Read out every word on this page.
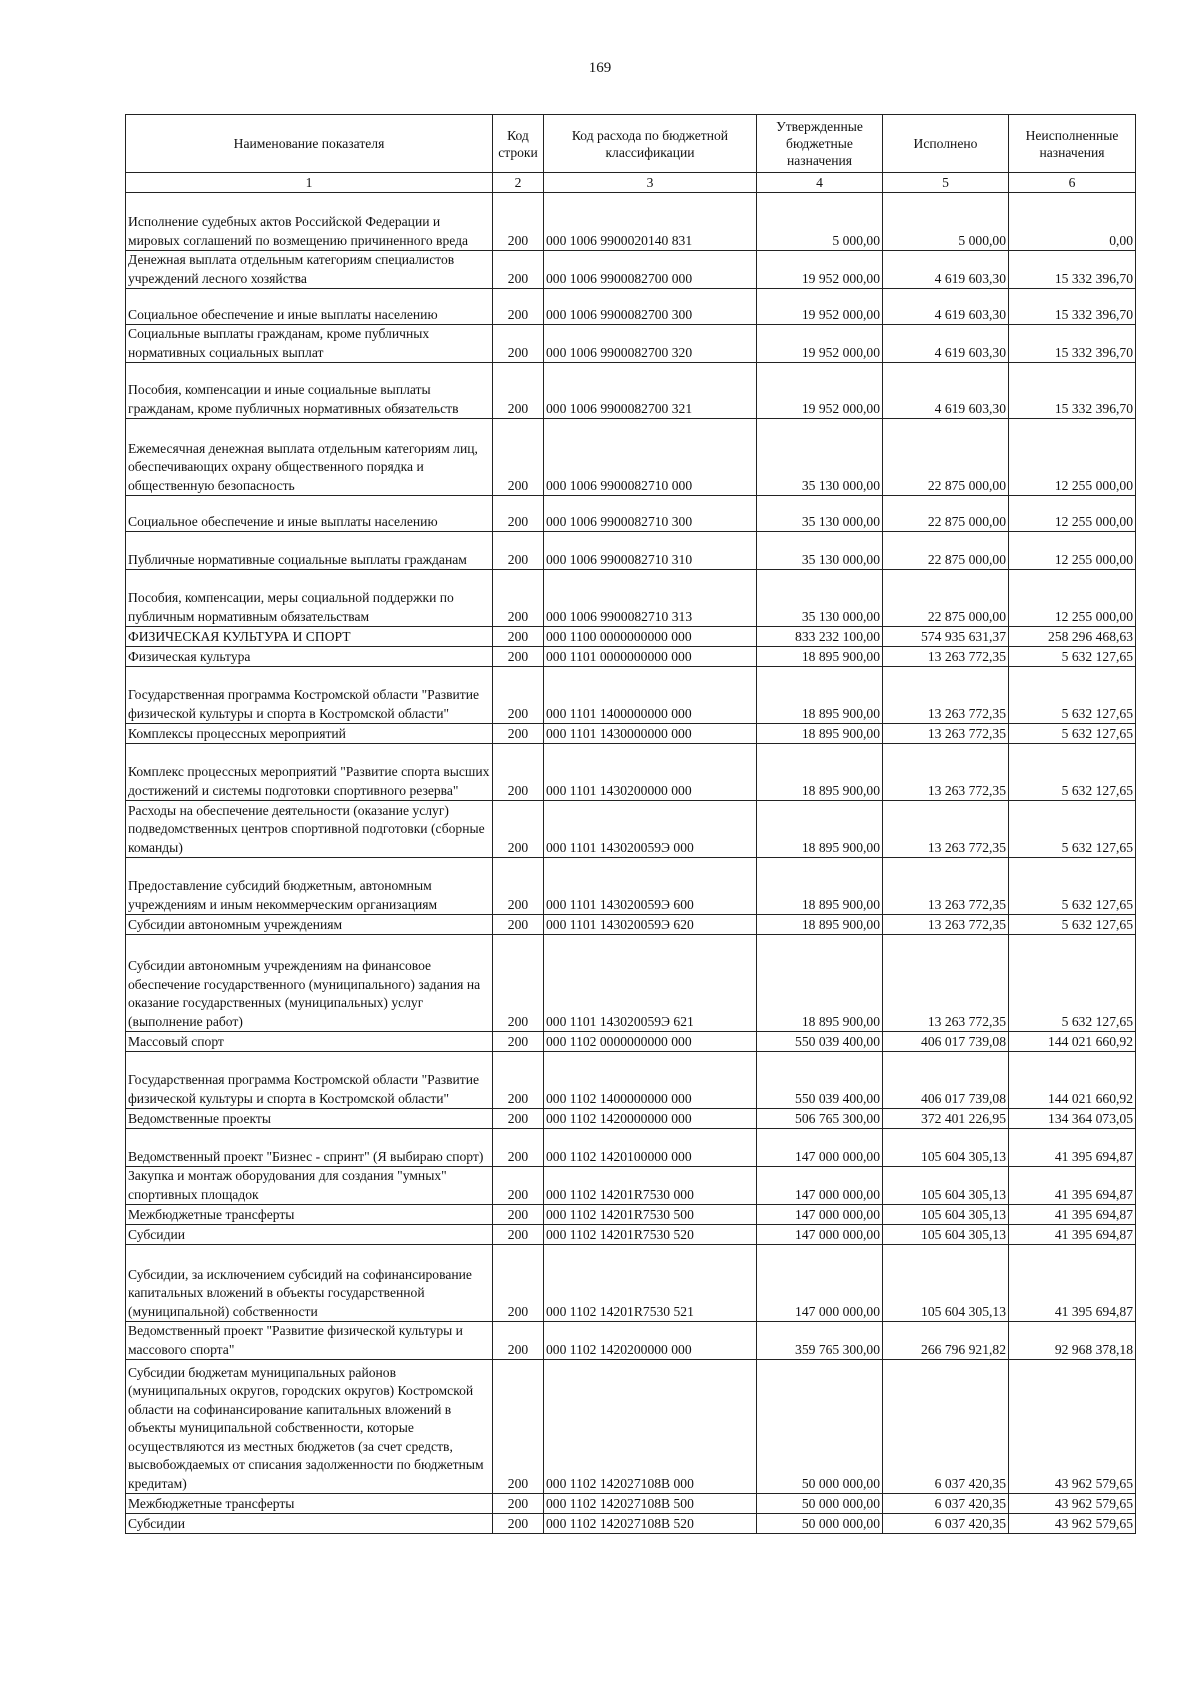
169
Наименование показателя	Код строки	Код расхода по бюджетной классификации	Утвержденные бюджетные назначения	Исполнено	Неисполненные назначения
1	2	3	4	5	6
Исполнение судебных актов Российской Федерации и мировых соглашений по возмещению причиненного вреда	200	000 1006 9900020140 831	5 000,00	5 000,00	0,00
Денежная выплата отдельным категориям специалистов учреждений лесного хозяйства	200	000 1006 9900082700 000	19 952 000,00	4 619 603,30	15 332 396,70
Социальное обеспечение и иные выплаты населению	200	000 1006 9900082700 300	19 952 000,00	4 619 603,30	15 332 396,70
Социальные выплаты гражданам, кроме публичных нормативных социальных выплат	200	000 1006 9900082700 320	19 952 000,00	4 619 603,30	15 332 396,70
Пособия, компенсации и иные социальные выплаты гражданам, кроме публичных нормативных обязательств	200	000 1006 9900082700 321	19 952 000,00	4 619 603,30	15 332 396,70
Ежемесячная денежная выплата отдельным категориям лиц, обеспечивающих охрану общественного порядка и общественную безопасность	200	000 1006 9900082710 000	35 130 000,00	22 875 000,00	12 255 000,00
Социальное обеспечение и иные выплаты населению	200	000 1006 9900082710 300	35 130 000,00	22 875 000,00	12 255 000,00
Публичные нормативные социальные выплаты гражданам	200	000 1006 9900082710 310	35 130 000,00	22 875 000,00	12 255 000,00
Пособия, компенсации, меры социальной поддержки по публичным нормативным обязательствам	200	000 1006 9900082710 313	35 130 000,00	22 875 000,00	12 255 000,00
ФИЗИЧЕСКАЯ КУЛЬТУРА И СПОРТ	200	000 1100 0000000000 000	833 232 100,00	574 935 631,37	258 296 468,63
Физическая культура	200	000 1101 0000000000 000	18 895 900,00	13 263 772,35	5 632 127,65
Государственная программа Костромской области "Развитие физической культуры и спорта в Костромской области"	200	000 1101 1400000000 000	18 895 900,00	13 263 772,35	5 632 127,65
Комплексы процессных мероприятий	200	000 1101 1430000000 000	18 895 900,00	13 263 772,35	5 632 127,65
Комплекс процессных мероприятий "Развитие спорта высших достижений и системы подготовки спортивного резерва"	200	000 1101 1430200000 000	18 895 900,00	13 263 772,35	5 632 127,65
Расходы на обеспечение деятельности (оказание услуг) подведомственных центров спортивной подготовки (сборные команды)	200	000 1101 143020059Э 000	18 895 900,00	13 263 772,35	5 632 127,65
Предоставление субсидий бюджетным, автономным учреждениям и иным некоммерческим организациям	200	000 1101 143020059Э 600	18 895 900,00	13 263 772,35	5 632 127,65
Субсидии автономным учреждениям	200	000 1101 143020059Э 620	18 895 900,00	13 263 772,35	5 632 127,65
Субсидии автономным учреждениям на финансовое обеспечение государственного (муниципального) задания на оказание государственных (муниципальных) услуг (выполнение работ)	200	000 1101 143020059Э 621	18 895 900,00	13 263 772,35	5 632 127,65
Массовый спорт	200	000 1102 0000000000 000	550 039 400,00	406 017 739,08	144 021 660,92
Государственная программа Костромской области "Развитие физической культуры и спорта в Костромской области"	200	000 1102 1400000000 000	550 039 400,00	406 017 739,08	144 021 660,92
Ведомственные проекты	200	000 1102 1420000000 000	506 765 300,00	372 401 226,95	134 364 073,05
Ведомственный проект "Бизнес - спринт" (Я выбираю спорт)	200	000 1102 1420100000 000	147 000 000,00	105 604 305,13	41 395 694,87
Закупка и монтаж оборудования для создания "умных" спортивных площадок	200	000 1102 14201R7530 000	147 000 000,00	105 604 305,13	41 395 694,87
Межбюджетные трансферты	200	000 1102 14201R7530 500	147 000 000,00	105 604 305,13	41 395 694,87
Субсидии	200	000 1102 14201R7530 520	147 000 000,00	105 604 305,13	41 395 694,87
Субсидии, за исключением субсидий на софинансирование капитальных вложений в объекты государственной (муниципальной) собственности	200	000 1102 14201R7530 521	147 000 000,00	105 604 305,13	41 395 694,87
Ведомственный проект "Развитие физической культуры и массового спорта"	200	000 1102 1420200000 000	359 765 300,00	266 796 921,82	92 968 378,18
Субсидии бюджетам муниципальных районов (муниципальных округов, городских округов) Костромской области на софинансирование капитальных вложений в объекты муниципальной собственности, которые осуществляются из местных бюджетов (за счет средств, высвобождаемых от списания задолженности по бюджетным кредитам)	200	000 1102 142027108В 000	50 000 000,00	6 037 420,35	43 962 579,65
Межбюджетные трансферты	200	000 1102 142027108В 500	50 000 000,00	6 037 420,35	43 962 579,65
Субсидии	200	000 1102 142027108В 520	50 000 000,00	6 037 420,35	43 962 579,65
